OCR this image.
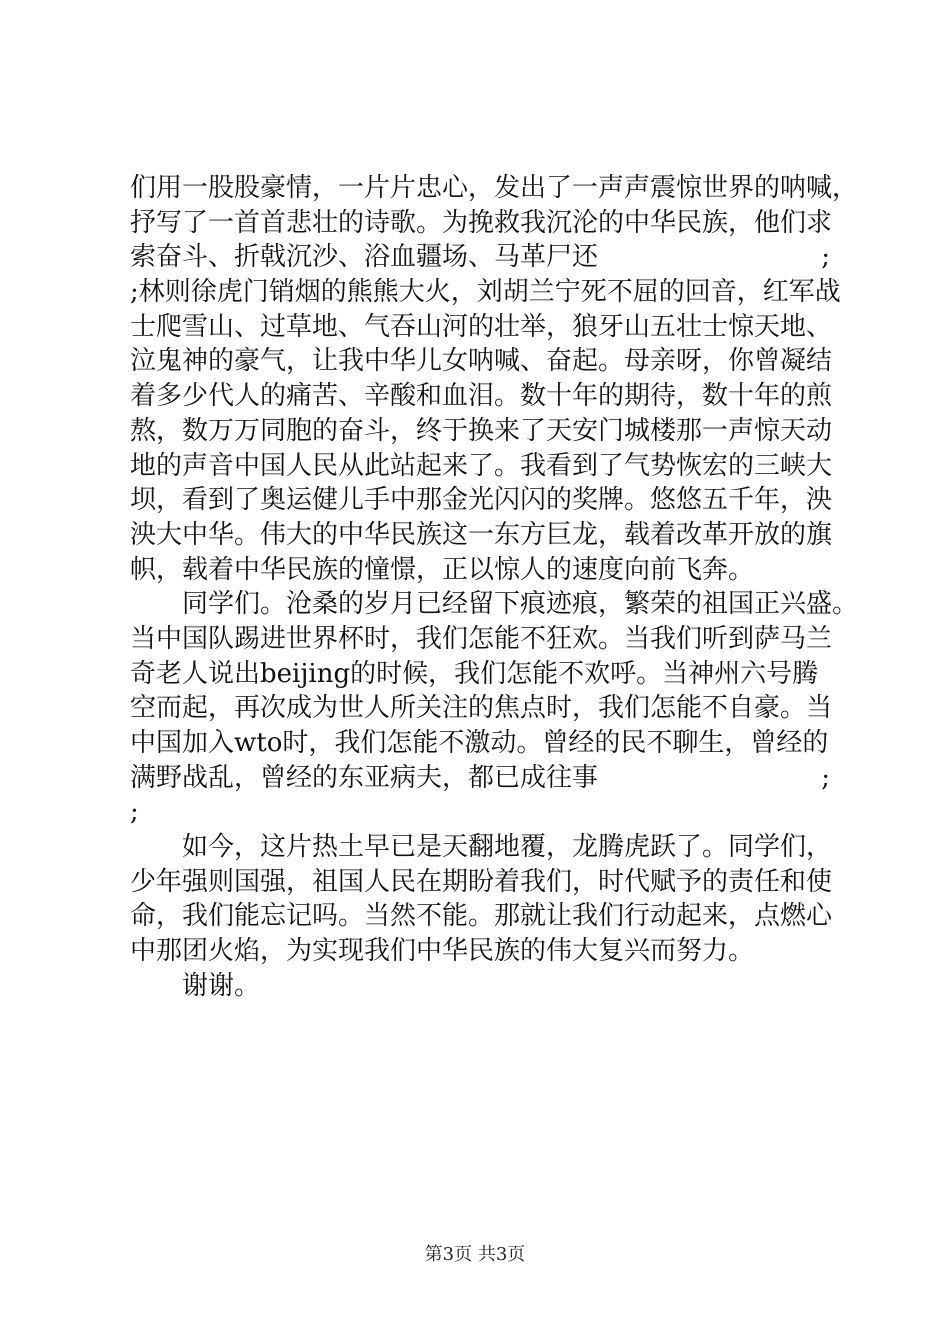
们用一股股豪情，一片片忠心，发出了一声声震惊世界的呐喊，
抒写了一首首悲壮的诗歌。为挽救我沉沦的中华民族，他们求
索奋斗、折戟沉沙、浴血疆场、马革尸还	;
;林则徐虎门销烟的熊熊大火，刘胡兰宁死不屈的回音，红军战
士爬雪山、过草地、气吞山河的壮举，狼牙山五壮士惊天地、
泣鬼神的豪气，让我中华儿女呐喊、奋起。母亲呀，你曾凝结
着多少代人的痛苦、辛酸和血泪。数十年的期待，数十年的煎
熬，数万万同胞的奋斗，终于换来了天安门城楼那一声惊天动
地的声音中国人民从此站起来了。我看到了气势恢宏的三峡大
坝，看到了奥运健儿手中那金光闪闪的奖牌。悠悠五千年，泱
泱大中华。伟大的中华民族这一东方巨龙，载着改革开放的旗
帜，载着中华民族的憧憬，正以惊人的速度向前飞奔。
同学们。沧桑的岁月已经留下痕迹痕，繁荣的祖国正兴盛。
当中国队踢进世界杯时，我们怎能不狂欢。当我们听到萨马兰
奇老人说出beijing的时候，我们怎能不欢呼。当神州六号腾
空而起，再次成为世人所关注的焦点时，我们怎能不自豪。当
中国加入wto时，我们怎能不激动。曾经的民不聊生，曾经的
满野战乱，曾经的东亚病夫，都已成往事	;
;
如今，这片热土早已是天翻地覆，龙腾虎跃了。同学们，
少年强则国强，祖国人民在期盼着我们，时代赋予的责任和使
命，我们能忘记吗。当然不能。那就让我们行动起来，点燃心
中那团火焰，为实现我们中华民族的伟大复兴而努力。
谢谢。
第3页 共3页
